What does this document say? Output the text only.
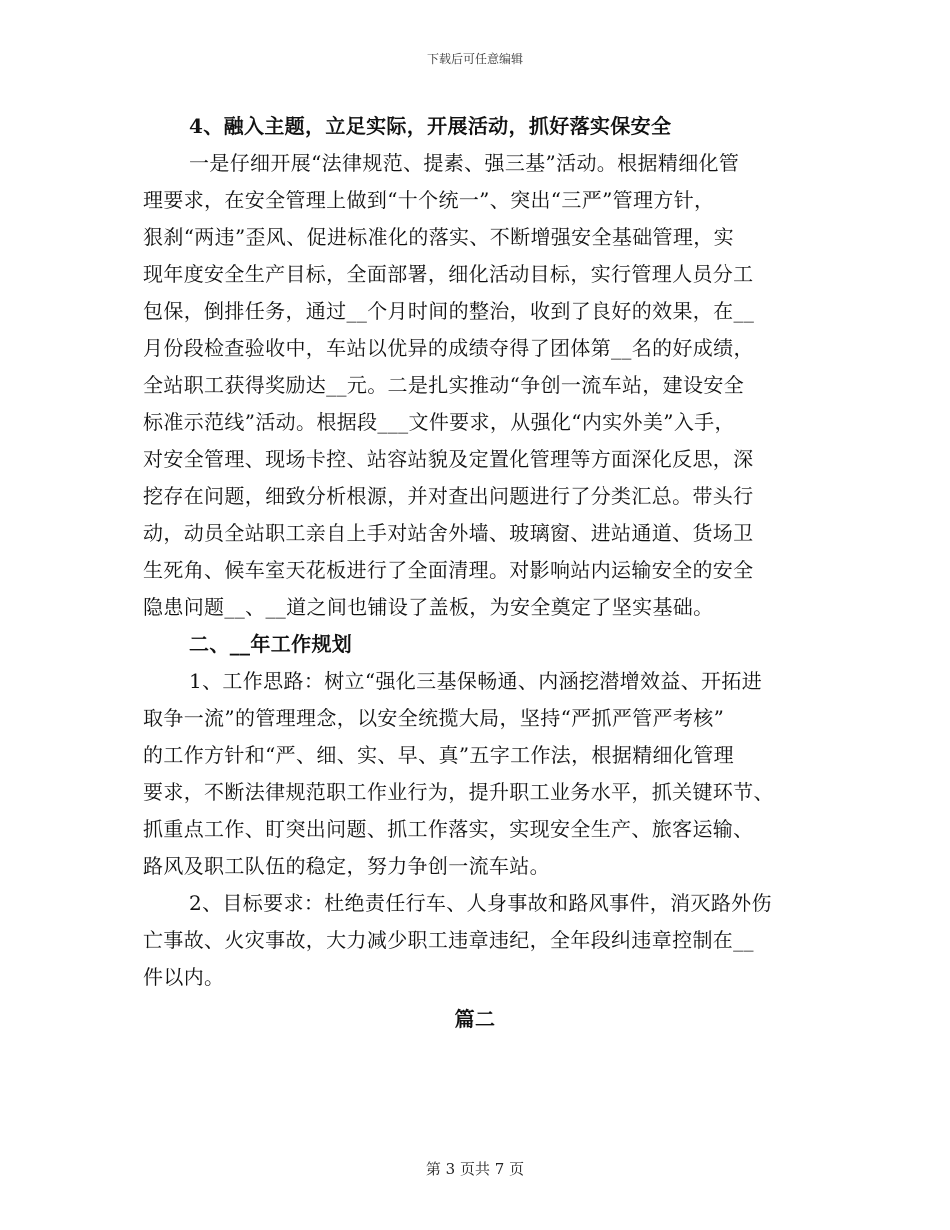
下载后可任意编辑
4、融入主题，立足实际，开展活动，抓好落实保安全
一是仔细开展“法律规范、提素、强三基”活动。根据精细化管
理要求，在安全管理上做到“十个统一”、突出“三严”管理方针，
狠刹“两违”歪风、促进标准化的落实、不断增强安全基础管理，实
现年度安全生产目标，全面部署，细化活动目标，实行管理人员分工
包保，倒排任务，通过__个月时间的整治，收到了良好的效果，在__
月份段检查验收中，车站以优异的成绩夺得了团体第__名的好成绩，
全站职工获得奖励达__元。二是扎实推动“争创一流车站，建设安全
标准示范线”活动。根据段___文件要求，从强化“内实外美”入手，
对安全管理、现场卡控、站容站貌及定置化管理等方面深化反思，深
挖存在问题，细致分析根源，并对查出问题进行了分类汇总。带头行
动，动员全站职工亲自上手对站舍外墙、玻璃窗、进站通道、货场卫
生死角、候车室天花板进行了全面清理。对影响站内运输安全的安全
隐患问题__、__道之间也铺设了盖板，为安全奠定了坚实基础。
二、__年工作规划
1、工作思路：树立“强化三基保畅通、内涵挖潜增效益、开拓进
取争一流”的管理理念，以安全统揽大局，坚持“严抓严管严考核”
的工作方针和“严、细、实、早、真”五字工作法，根据精细化管理
要求，不断法律规范职工作业行为，提升职工业务水平，抓关键环节、
抓重点工作、盯突出问题、抓工作落实，实现安全生产、旅客运输、
路风及职工队伍的稳定，努力争创一流车站。
2、目标要求：杜绝责任行车、人身事故和路风事件，消灭路外伤
亡事故、火灾事故，大力减少职工违章违纪，全年段纠违章控制在__
件以内。
篇二
第 3 页共 7 页
